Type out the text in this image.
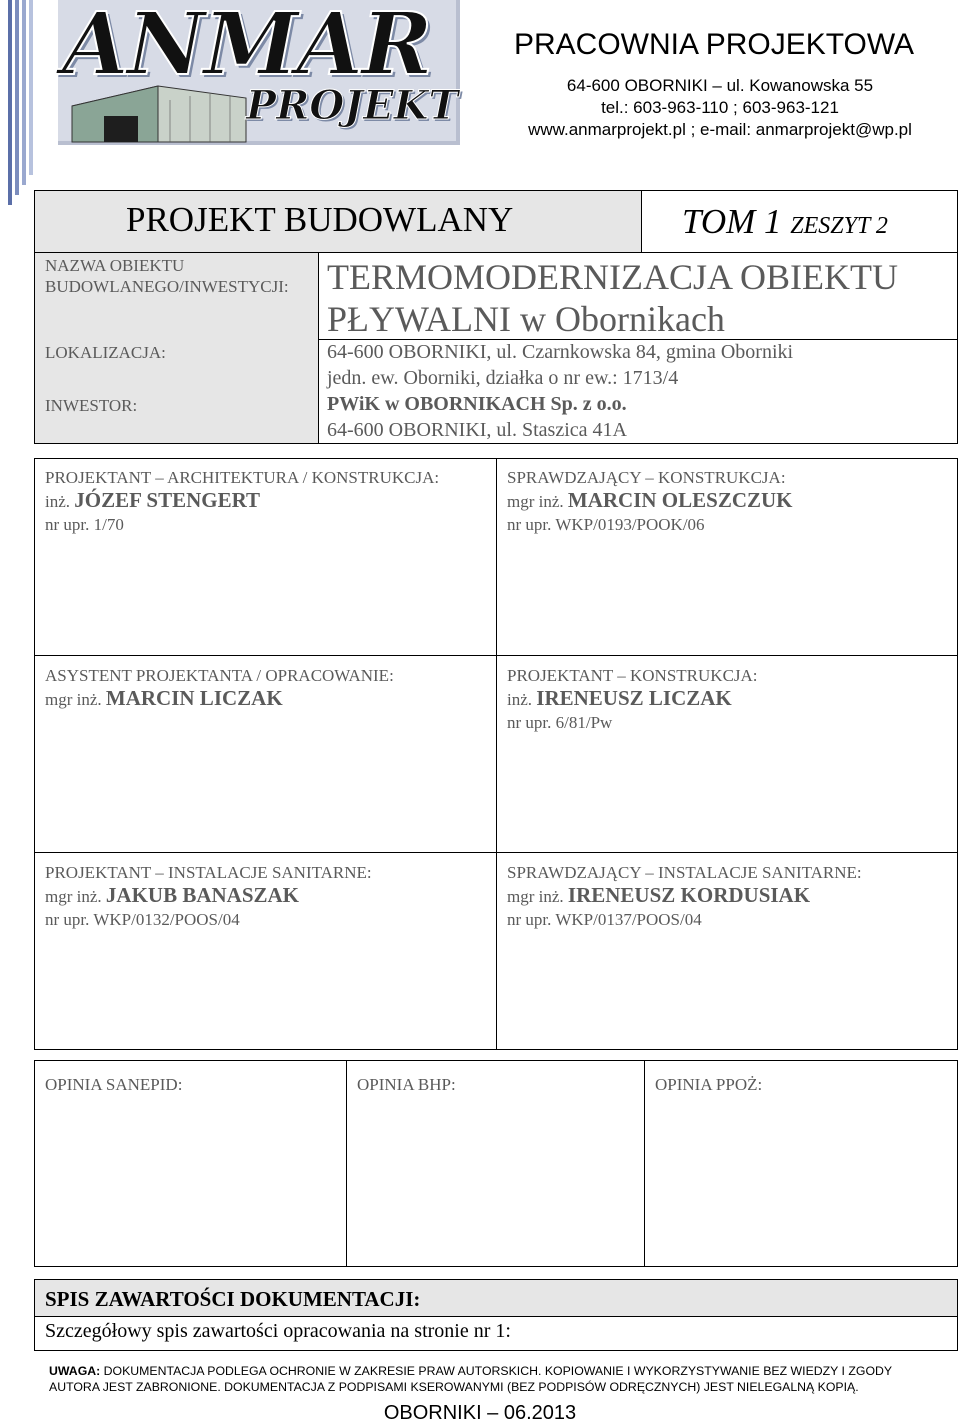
ANMAR
PROJEKT
PRACOWNIA PROJEKTOWA
64-600 OBORNIKI – ul. Kowanowska 55
tel.: 603-963-110 ; 603-963-121
www.anmarprojekt.pl ; e-mail: anmarprojekt@wp.pl
PROJEKT BUDOWLANY	TOM 1 ZESZYT 2
NAZWA OBIEKTU
BUDOWLANEGO/INWESTYCJI: TERMOMODERNIZACJA OBIEKTU
PŁYWALNI w Obornikach
LOKALIZACJA:	64-600 OBORNIKI, ul. Czarnkowska 84, gmina Oborniki
jedn. ew. Oborniki, działka o nr ew.: 1713/4
INWESTOR:	PWiK w OBORNIKACH Sp. z o.o.
64-600 OBORNIKI, ul. Staszica 41A
PROJEKTANT – ARCHITEKTURA / KONSTRUKCJA:
inż. JÓZEF STENGERT
nr upr. 1/70
SPRAWDZAJĄCY – KONSTRUKCJA:
mgr inż. MARCIN OLESZCZUK
nr upr. WKP/0193/POOK/06
ASYSTENT PROJEKTANTA / OPRACOWANIE:
mgr inż. MARCIN LICZAK
PROJEKTANT – KONSTRUKCJA:
inż. IRENEUSZ LICZAK
nr upr. 6/81/Pw
PROJEKTANT – INSTALACJE SANITARNE:
mgr inż. JAKUB BANASZAK
nr upr. WKP/0132/POOS/04
SPRAWDZAJĄCY – INSTALACJE SANITARNE:
mgr inż. IRENEUSZ KORDUSIAK
nr upr. WKP/0137/POOS/04
OPINIA SANEPID:	OPINIA BHP:	OPINIA PPOŻ:
SPIS ZAWARTOŚCI DOKUMENTACJI:
Szczegółowy spis zawartości opracowania na stronie nr 1:
UWAGA: DOKUMENTACJA PODLEGA OCHRONIE W ZAKRESIE PRAW AUTORSKICH. KOPIOWANIE I WYKORZYSTYWANIE BEZ WIEDZY I ZGODY
AUTORA JEST ZABRONIONE. DOKUMENTACJA Z PODPISAMI KSEROWANYMI (BEZ PODPISÓW ODRĘCZNYCH) JEST NIELEGALNĄ KOPIĄ.
OBORNIKI – 06.2013
